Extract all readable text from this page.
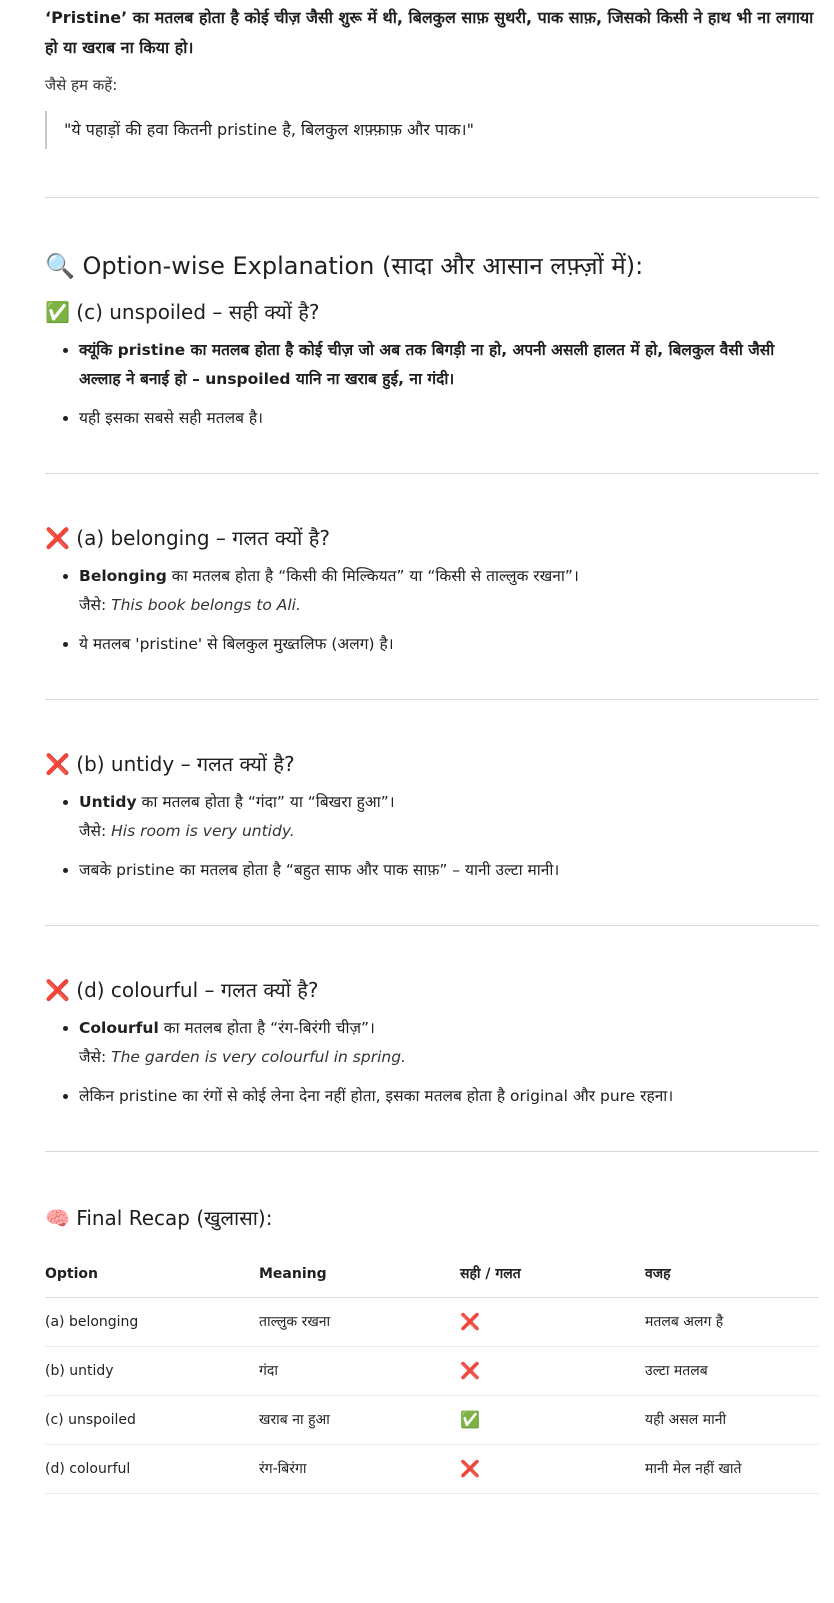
‘Pristine’ का मतलब होता है कोई चीज़ जैसी शुरू में थी, बिलकुल साफ़ सुथरी, पाक साफ़, जिसको किसी ने हाथ भी ना लगाया हो या खराब ना किया हो।

जैसे हम कहें:

"ये पहाड़ों की हवा कितनी pristine है, बिलकुल शफ़्फ़ाफ़ और पाक।"
🔍 Option-wise Explanation (सादा और आसान लफ़्ज़ों में):
✅ (c) unspoiled – सही क्यों है?
• क्यूंकि pristine का मतलब होता है कोई चीज़ जो अब तक बिगड़ी ना हो, अपनी असली हालत में हो, बिलकुल वैसी जैसी अल्लाह ने बनाई हो – unspoiled यानि ना खराब हुई, ना गंदी।
• यही इसका सबसे सही मतलब है।
❌ (a) belonging – गलत क्यों है?
• Belonging का मतलब होता है “किसी की मिल्कियत” या “किसी से ताल्लुक रखना”।
जैसे: This book belongs to Ali.
• ये मतलब 'pristine' से बिलकुल मुख्तलिफ (अलग) है।
❌ (b) untidy – गलत क्यों है?
• Untidy का मतलब होता है “गंदा” या “बिखरा हुआ”।
जैसे: His room is very untidy.
• जबके pristine का मतलब होता है “बहुत साफ और पाक साफ़” – यानी उल्टा मानी।
❌ (d) colourful – गलत क्यों है?
• Colourful का मतलब होता है “रंग-बिरंगी चीज़”।
जैसे: The garden is very colourful in spring.
• लेकिन pristine का रंगों से कोई लेना देना नहीं होता, इसका मतलब होता है original और pure रहना।
🧠 Final Recap (खुलासा):
Option	Meaning	सही / गलत	वजह
(a) belonging	ताल्लुक रखना	❌	मतलब अलग है
(b) untidy	गंदा	❌	उल्टा मतलब
(c) unspoiled	खराब ना हुआ	✅	यही असल मानी
(d) colourful	रंग-बिरंगा	❌	मानी मेल नहीं खाते
